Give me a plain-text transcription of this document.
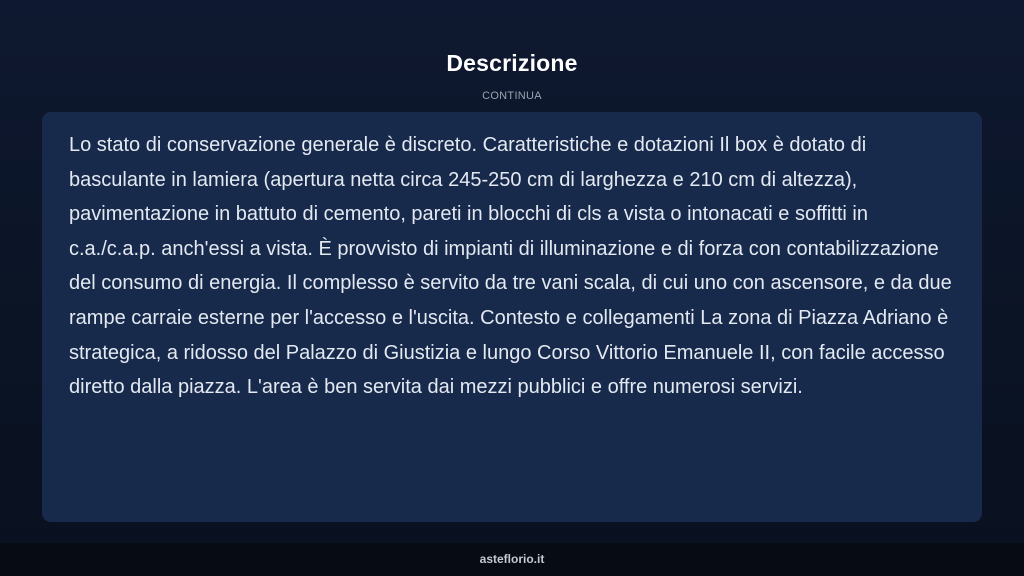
Descrizione
CONTINUA

Lo stato di conservazione generale è discreto. Caratteristiche e dotazioni Il box è dotato di basculante in lamiera (apertura netta circa 245-250 cm di larghezza e 210 cm di altezza), pavimentazione in battuto di cemento, pareti in blocchi di cls a vista o intonacati e soffitti in c.a./c.a.p. anch'essi a vista. È provvisto di impianti di illuminazione e di forza con contabilizzazione del consumo di energia. Il complesso è servito da tre vani scala, di cui uno con ascensore, e da due rampe carraie esterne per l'accesso e l'uscita. Contesto e collegamenti La zona di Piazza Adriano è strategica, a ridosso del Palazzo di Giustizia e lungo Corso Vittorio Emanuele II, con facile accesso diretto dalla piazza. L'area è ben servita dai mezzi pubblici e offre numerosi servizi.

asteflorio.it
